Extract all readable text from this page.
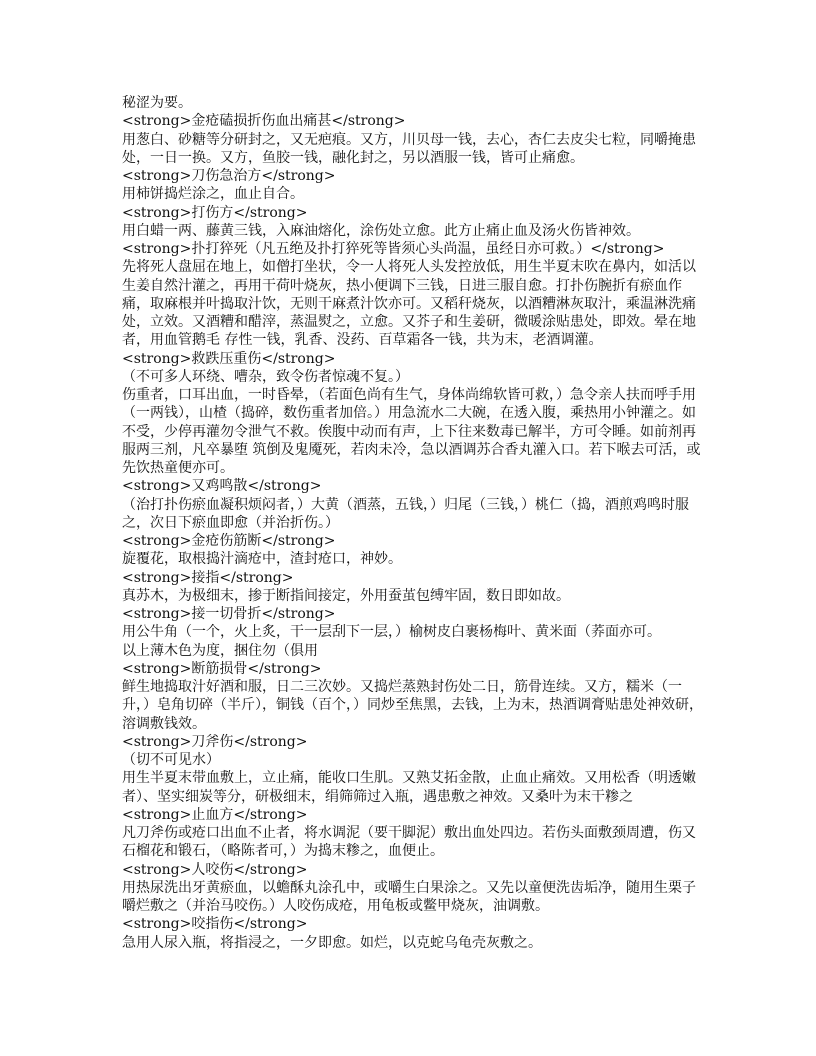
秘涩为要。

<strong>金疮磕损折伤血出痛甚</strong>

用葱白、砂糖等分研封之，又无疤痕。又方，川贝母一钱，去心，杏仁去皮尖七粒，同嚼掩患处，一日一换。又方，鱼胶一钱，融化封之，另以酒服一钱，皆可止痛愈。

<strong>刀伤急治方</strong>

用柿饼捣烂涂之，血止自合。

<strong>打伤方</strong>

用白蜡一两、藤黄三钱，入麻油熔化，涂伤处立愈。此方止痛止血及汤火伤皆神效。

<strong>扑打猝死（凡五绝及扑打猝死等皆须心头尚温，虽经日亦可救。）</strong>

先将死人盘屈在地上，如僧打坐状，令一人将死人头发控放低，用生半夏末吹在鼻内，如活以生姜自然汁灌之，再用干荷叶烧灰，热小便调下三钱，日进三服自愈。打扑伤腕折有瘀血作痛，取麻根并叶捣取汁饮，无则干麻煮汁饮亦可。又稻秆烧灰，以酒糟淋灰取汁，乘温淋洗痛处，立效。又酒糟和醋滓，蒸温熨之，立愈。又芥子和生姜研，微暖涂贴患处，即效。晕在地者，用血管鹅毛 存性一钱，乳香、没药、百草霜各一钱，共为末，老酒调灌。

<strong>救跌压重伤</strong>

（不可多人环绕、嘈杂，致令伤者惊魂不复。）

伤重者，口耳出血，一时昏晕，（若面色尚有生气，身体尚绵软皆可救，）急令亲人扶而呼手用（一两钱），山楂（捣碎，数伤重者加倍。）用急流水二大碗，在透入腹，乘热用小钟灌之。如不受，少停再灌勿令泄气不救。俟腹中动而有声，上下往来数毒已解半，方可令睡。如前剂再服两三剂，凡卒暴堕 筑倒及鬼魇死，若肉未冷，急以酒调苏合香丸灌入口。若下喉去可活，或先饮热童便亦可。

<strong>又鸡鸣散</strong>

（治打扑伤瘀血凝积烦闷者，）大黄（酒蒸，五钱，）归尾（三钱，）桃仁（捣，酒煎鸡鸣时服之，次日下瘀血即愈（并治折伤。）

<strong>金疮伤筋断</strong>

旋覆花，取根捣汁滴疮中，渣封疮口，神妙。

<strong>接指</strong>

真苏木，为极细末，掺于断指间接定，外用蚕茧包缚牢固，数日即如故。

<strong>接一切骨折</strong>

用公牛角（一个，火上炙，干一层刮下一层，）榆树皮白裹杨梅叶、黄米面（荞面亦可。

以上薄木色为度，捆住勿（俱用

<strong>断筋损骨</strong>

鲜生地捣取汁好酒和服，日二三次妙。又捣烂蒸熟封伤处二日，筋骨连续。又方，糯米（一升，）皂角切碎（半斤），铜钱（百个，）同炒至焦黑，去钱，上为末，热酒调膏贴患处神效研，溶调敷钱效。

<strong>刀斧伤</strong>

（切不可见水）

用生半夏末带血敷上，立止痛，能收口生肌。又熟艾拓金散，止血止痛效。又用松香（明透嫩者）、坚实细炭等分，研极细末，绢筛筛过入瓶，遇患敷之神效。又桑叶为末干糁之

<strong>止血方</strong>

凡刀斧伤或疮口出血不止者，将水调泥（要干脚泥）敷出血处四边。若伤头面敷颈周遭，伤又石榴花和锻石，（略陈者可，）为捣末糁之，血便止。

<strong>人咬伤</strong>

用热尿洗出牙黄瘀血，以蟾酥丸涂孔中，或嚼生白果涂之。又先以童便洗齿垢净，随用生栗子嚼烂敷之（并治马咬伤。）人咬伤成疮，用龟板或鳖甲烧灰，油调敷。

<strong>咬指伤</strong>

急用人尿入瓶，将指浸之，一夕即愈。如烂，以克蛇乌龟壳灰敷之。
